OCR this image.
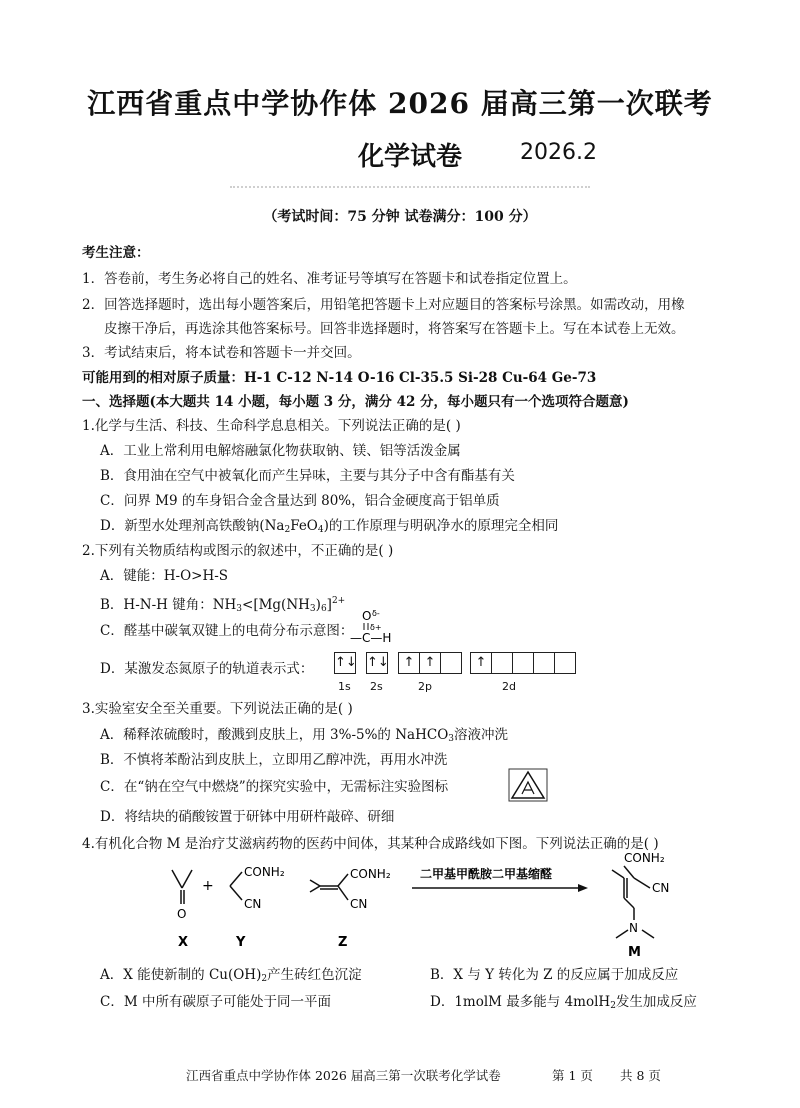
江西省重点中学协作体 2026 届高三第一次联考
化学试卷	2026.2
（考试时间：75 分钟 试卷满分：100 分）
考生注意：
1．答卷前，考生务必将自己的姓名、准考证号等填写在答题卡和试卷指定位置上。
2．回答选择题时，选出每小题答案后，用铅笔把答题卡上对应题目的答案标号涂黑。如需改动，用橡
皮擦干净后，再选涂其他答案标号。回答非选择题时，将答案写在答题卡上。写在本试卷上无效。
3．考试结束后，将本试卷和答题卡一并交回。
可能用到的相对原子质量：H-1 C-12 N-14 O-16 Cl-35.5 Si-28 Cu-64 Ge-73
一、选择题(本大题共 14 小题，每小题 3 分，满分 42 分，每小题只有一个选项符合题意)
1.化学与生活、科技、生命科学息息相关。下列说法正确的是( )
A．工业上常利用电解熔融氯化物获取钠、镁、铝等活泼金属
B．食用油在空气中被氧化而产生异味，主要与其分子中含有酯基有关
C．问界 M9 的车身铝合金含量达到 80%，铝合金硬度高于铝单质
D．新型水处理剂高铁酸钠$(Na_2FeO_4)$的工作原理与明矾净水的原理完全相同
2.下列有关物质结构或图示的叙述中，不正确的是( )
A．键能：H-O>H-S
B．H-N-H 键角：$NH_3<[Mg(NH_3)_6]^{2+}$
C．醛基中碳氧双键上的电荷分布示意图：
O δ-
δ+
—C—H
D．某激发态氮原子的轨道表示式： ↑↓ ↑↓	↑ ↑	↑
1s 2s	2p	2d
3.实验室安全至关重要。下列说法正确的是( )
A．稀释浓硫酸时，酸溅到皮肤上，用 3%-5%的 NaHCO$_3$溶液冲洗
B．不慎将苯酚沾到皮肤上，立即用乙醇冲洗，再用水冲洗
C．在“钠在空气中燃烧”的探究实验中，无需标注实验图标
D．将结块的硝酸铵置于研钵中用研杵敲碎、研细
4.有机化合物 M 是治疗艾滋病药物的医药中间体，其某种合成路线如下图。下列说法正确的是( )
O
X
+
CONH₂
CN
Y
CONH₂
CN
Z
二甲基甲酰胺二甲基缩醛
CONH₂
CN
N
M
A．X 能使新制的 $Cu(OH)_2$产生砖红色沉淀	B．X 与 Y 转化为 Z 的反应属于加成反应
C．M 中所有碳原子可能处于同一平面	D．1molM 最多能与 4molH$_2$发生加成反应
江西省重点中学协作体 2026 届高三第一次联考化学试卷	第 1 页 共 8 页
